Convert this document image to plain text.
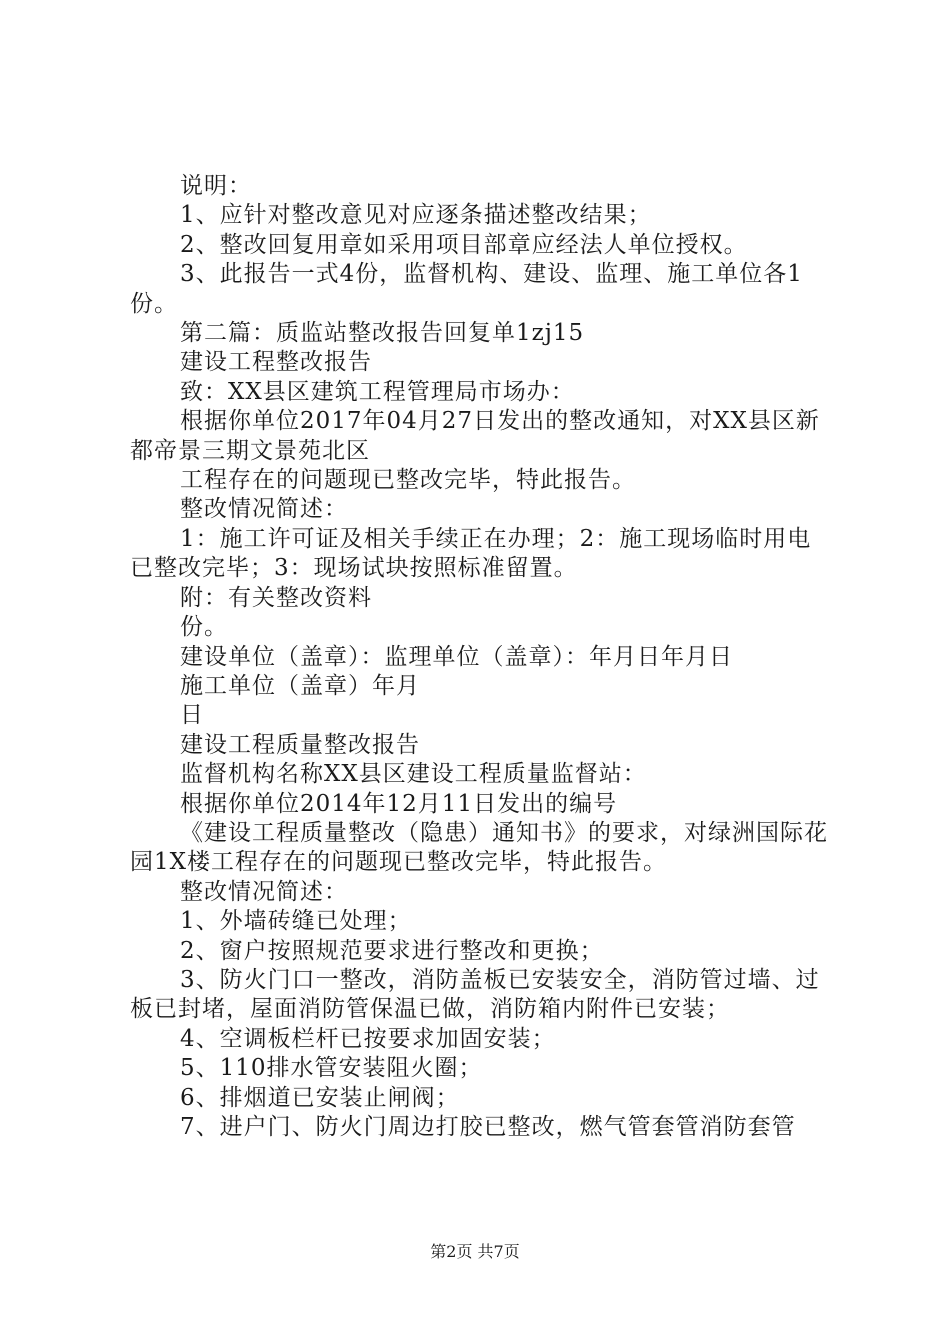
说明：

1、应针对整改意见对应逐条描述整改结果；

2、整改回复用章如采用项目部章应经法人单位授权。

3、此报告一式4份，监督机构、建设、监理、施工单位各1份。

第二篇：质监站整改报告回复单1zj15

建设工程整改报告

致：XX县区建筑工程管理局市场办：

根据你单位2017年04月27日发出的整改通知，对XX县区新都帝景三期文景苑北区

工程存在的问题现已整改完毕，特此报告。

整改情况简述：

1：施工许可证及相关手续正在办理；2：施工现场临时用电已整改完毕；3：现场试块按照标准留置。

附：有关整改资料

份。

建设单位（盖章）：监理单位（盖章）：年月日年月日

施工单位（盖章）年月

日

建设工程质量整改报告

监督机构名称XX县区建设工程质量监督站：

根据你单位2014年12月11日发出的编号

《建设工程质量整改（隐患）通知书》的要求，对绿洲国际花园1X楼工程存在的问题现已整改完毕，特此报告。

整改情况简述：

1、外墙砖缝已处理；

2、窗户按照规范要求进行整改和更换；

3、防火门口一整改，消防盖板已安装安全，消防管过墙、过板已封堵，屋面消防管保温已做，消防箱内附件已安装；

4、空调板栏杆已按要求加固安装；

5、110排水管安装阻火圈；

6、排烟道已安装止闸阀；

7、进户门、防火门周边打胶已整改，燃气管套管消防套管

第2页 共7页
